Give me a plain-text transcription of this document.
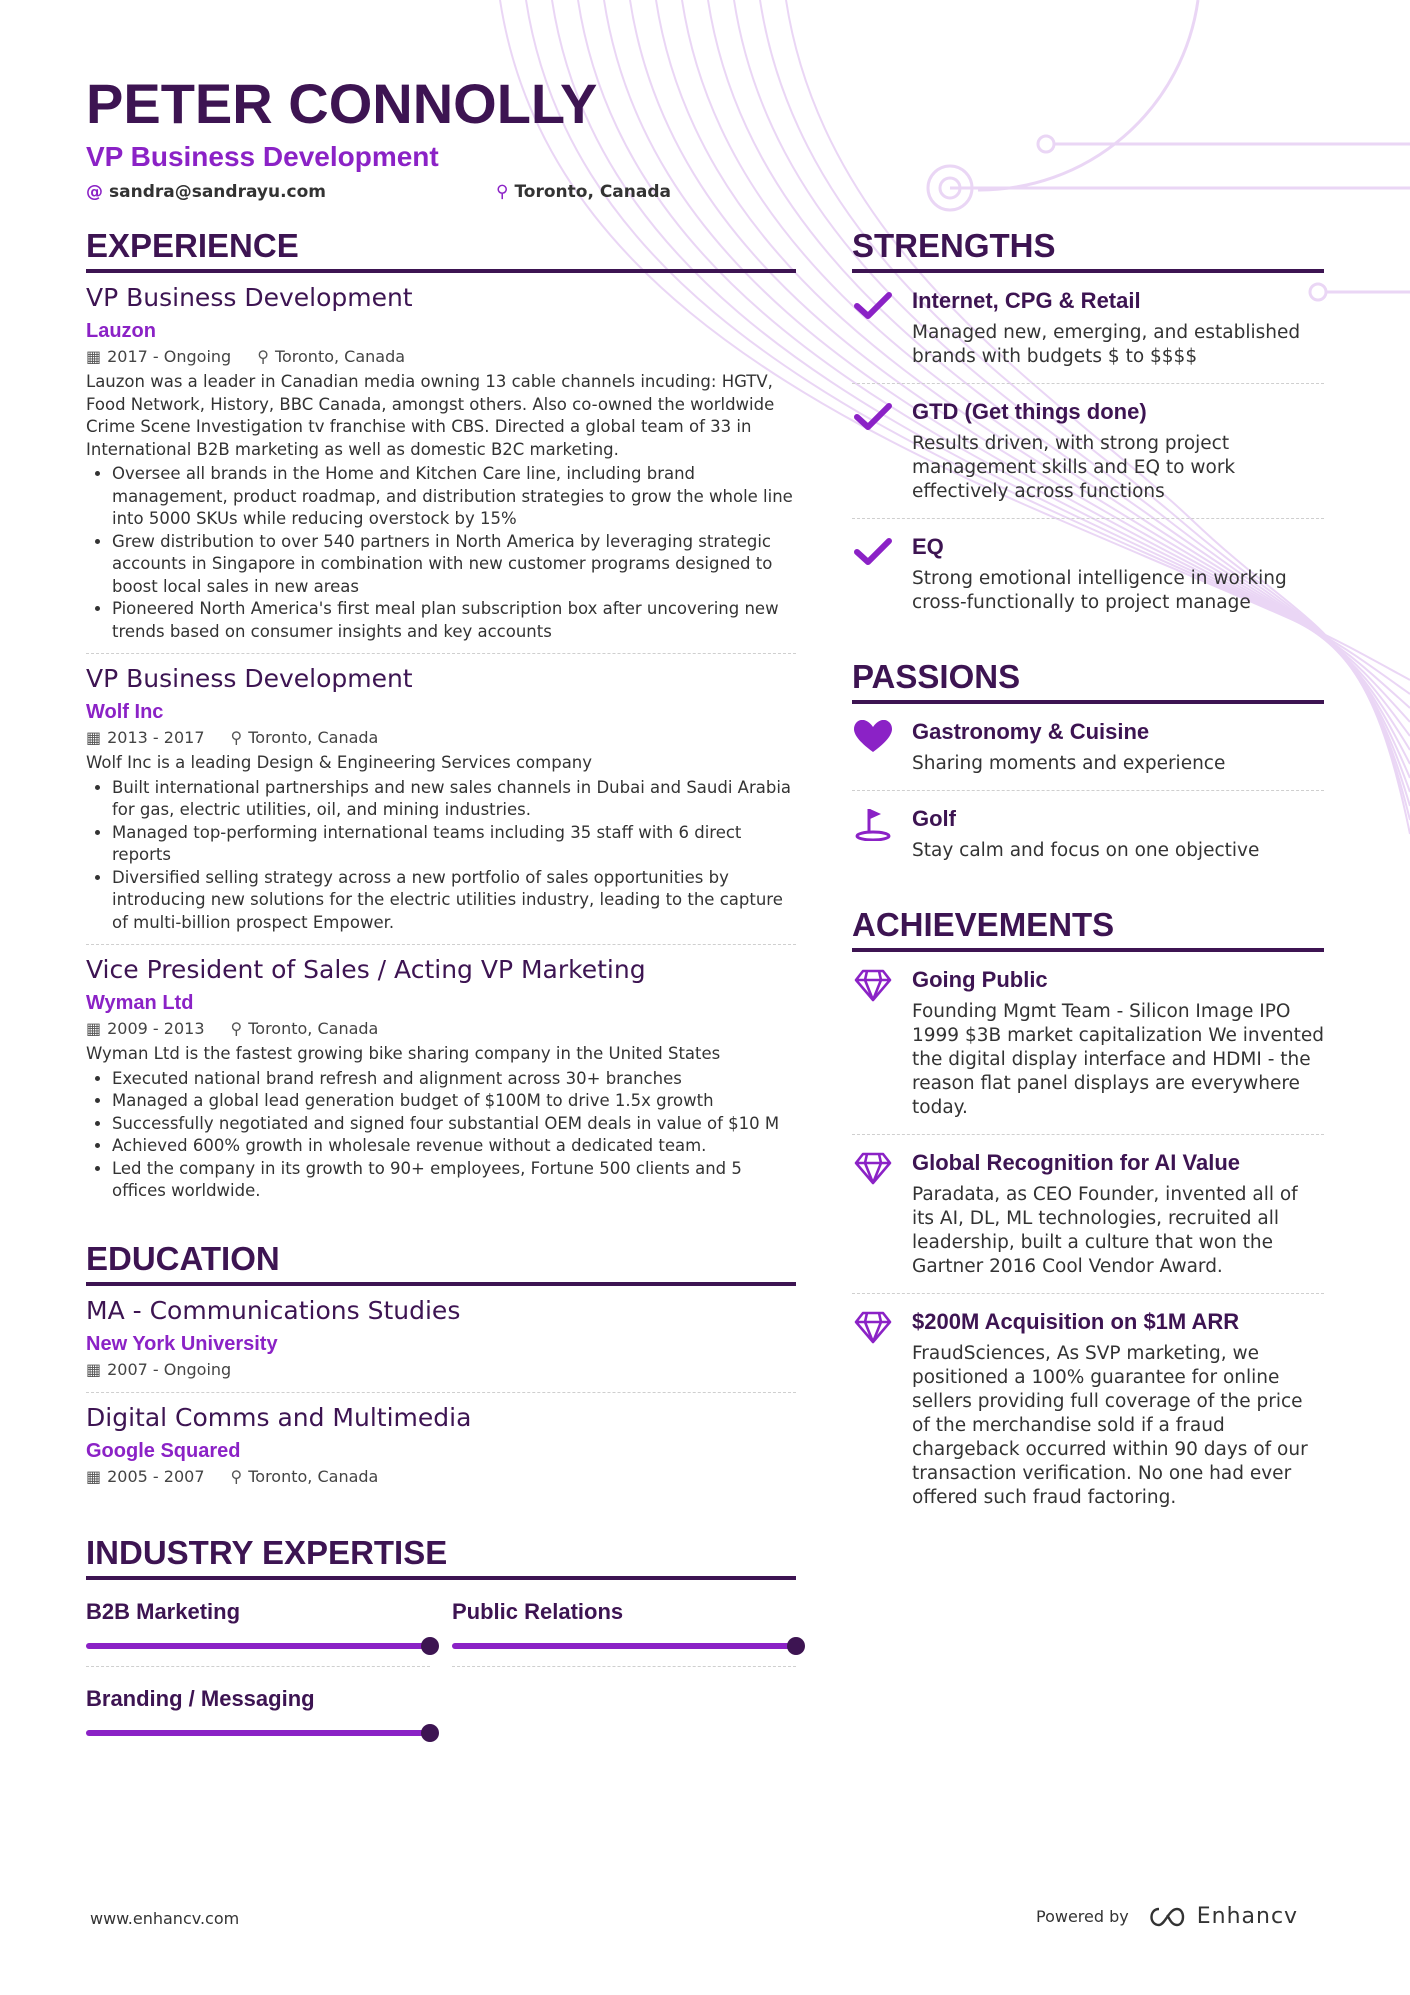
PETER CONNOLLY
VP Business Development
@ sandra@sandrayu.com	⚲ Toronto, Canada
EXPERIENCE
VP Business Development
Lauzon
▦ 2017 - Ongoing ⚲ Toronto, Canada
Lauzon was a leader in Canadian media owning 13 cable channels incuding: HGTV, Food Network, History, BBC Canada, amongst others. Also co-owned the worldwide Crime Scene Investigation tv franchise with CBS. Directed a global team of 33 in International B2B marketing as well as domestic B2C marketing.
• Oversee all brands in the Home and Kitchen Care line, including brand management, product roadmap, and distribution strategies to grow the whole line into 5000 SKUs while reducing overstock by 15%
• Grew distribution to over 540 partners in North America by leveraging strategic accounts in Singapore in combination with new customer programs designed to boost local sales in new areas
• Pioneered North America's first meal plan subscription box after uncovering new trends based on consumer insights and key accounts
VP Business Development
Wolf Inc
▦ 2013 - 2017 ⚲ Toronto, Canada
Wolf Inc is a leading Design & Engineering Services company
• Built international partnerships and new sales channels in Dubai and Saudi Arabia for gas, electric utilities, oil, and mining industries.
• Managed top-performing international teams including 35 staff with 6 direct reports
• Diversified selling strategy across a new portfolio of sales opportunities by introducing new solutions for the electric utilities industry, leading to the capture of multi-billion prospect Empower.
Vice President of Sales / Acting VP Marketing
Wyman Ltd
▦ 2009 - 2013 ⚲ Toronto, Canada
Wyman Ltd is the fastest growing bike sharing company in the United States
• Executed national brand refresh and alignment across 30+ branches
• Managed a global lead generation budget of $100M to drive 1.5x growth
• Successfully negotiated and signed four substantial OEM deals in value of $10 M
• Achieved 600% growth in wholesale revenue without a dedicated team.
• Led the company in its growth to 90+ employees, Fortune 500 clients and 5 offices worldwide.
EDUCATION
MA - Communications Studies
New York University
▦ 2007 - Ongoing
Digital Comms and Multimedia
Google Squared
▦ 2005 - 2007 ⚲ Toronto, Canada
INDUSTRY EXPERTISE
B2B Marketing	Public Relations
Branding / Messaging
STRENGTHS
Internet, CPG & Retail
Managed new, emerging, and established brands with budgets $ to $$$$
GTD (Get things done)
Results driven, with strong project management skills and EQ to work effectively across functions
EQ
Strong emotional intelligence in working cross-functionally to project manage
PASSIONS
Gastronomy & Cuisine
Sharing moments and experience
Golf
Stay calm and focus on one objective
ACHIEVEMENTS
Going Public
Founding Mgmt Team - Silicon Image IPO 1999 $3B market capitalization We invented the digital display interface and HDMI - the reason flat panel displays are everywhere today.
Global Recognition for AI Value
Paradata, as CEO Founder, invented all of its AI, DL, ML technologies, recruited all leadership, built a culture that won the Gartner 2016 Cool Vendor Award.
$200M Acquisition on $1M ARR
FraudSciences, As SVP marketing, we positioned a 100% guarantee for online sellers providing full coverage of the price of the merchandise sold if a fraud chargeback occurred within 90 days of our transaction verification. No one had ever offered such fraud factoring.
www.enhancv.com	Powered by	Enhancv
